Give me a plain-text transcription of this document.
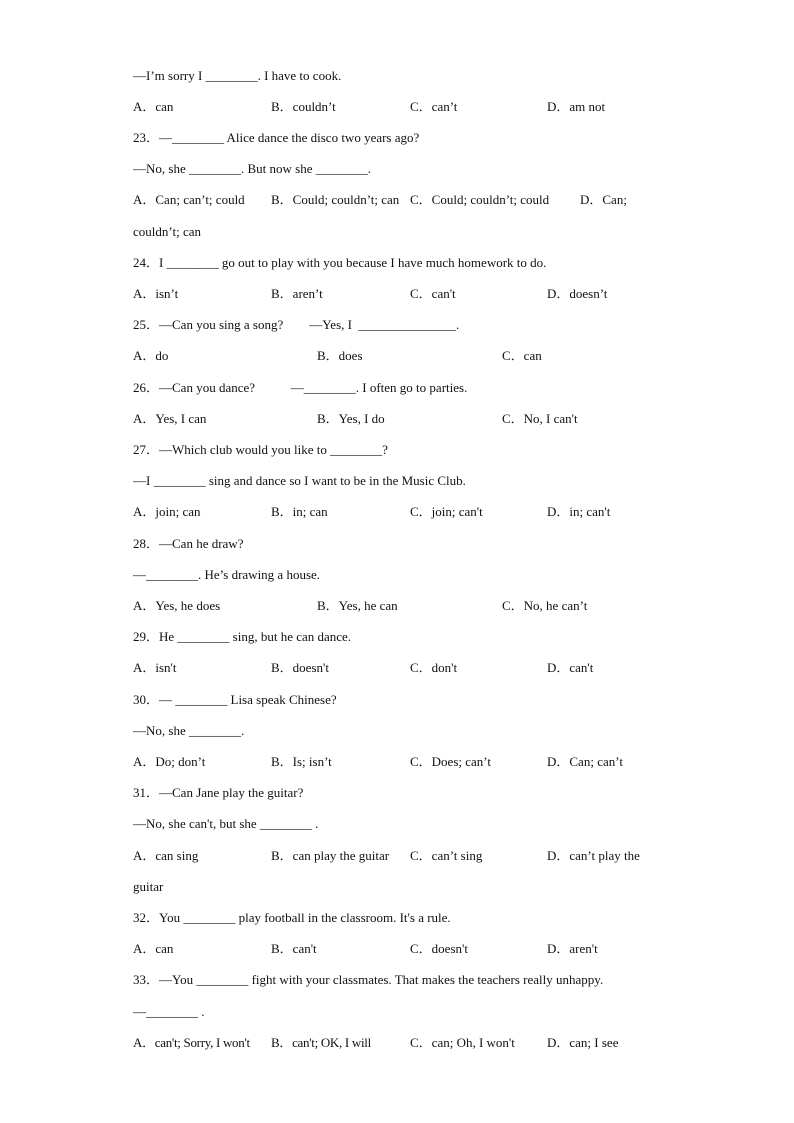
—I’m sorry I ________. I have to cook.
A．can	B．couldn’t	C．can’t	D．am not
23．—________ Alice dance the disco two years ago?
—No, she ________. But now she ________.
A．Can; can’t; could B．Could; couldn’t; can C．Could; couldn’t; could D．Can;
couldn’t; can
24．I ________ go out to play with you because I have much homework to do.
A．isn’t	B．aren’t	C．can't	D．doesn’t
25．—Can you sing a song?        —Yes, I  _______________.
A．do	B．does	C．can
26．—Can you dance?           —________. I often go to parties.
A．Yes, I can	B．Yes, I do	C．No, I can't
27．—Which club would you like to ________?
—I ________ sing and dance so I want to be in the Music Club.
A．join; can	B．in; can	C．join; can't	D．in; can't
28．—Can he draw?
—________. He’s drawing a house.
A．Yes, he does	B．Yes, he can	C．No, he can’t
29．He ________ sing, but he can dance.
A．isn't	B．doesn't	C．don't	D．can't
30．— ________ Lisa speak Chinese?
—No, she ________.
A．Do; don’t	B．Is; isn’t	C．Does; can’t	D．Can; can’t
31．—Can Jane play the guitar?
—No, she can't, but she ________ .
A．can sing	B．can play the guitar C．can’t sing	D．can’t play the
guitar
32．You ________ play football in the classroom. It's a rule.
A．can	B．can't	C．doesn't	D．aren't
33．—You ________ fight with your classmates. That makes the teachers really unhappy.
—________ .
A．can't; Sorry, I won't B．can't; OK, I will	C．can; Oh, I won't D．can; I see
